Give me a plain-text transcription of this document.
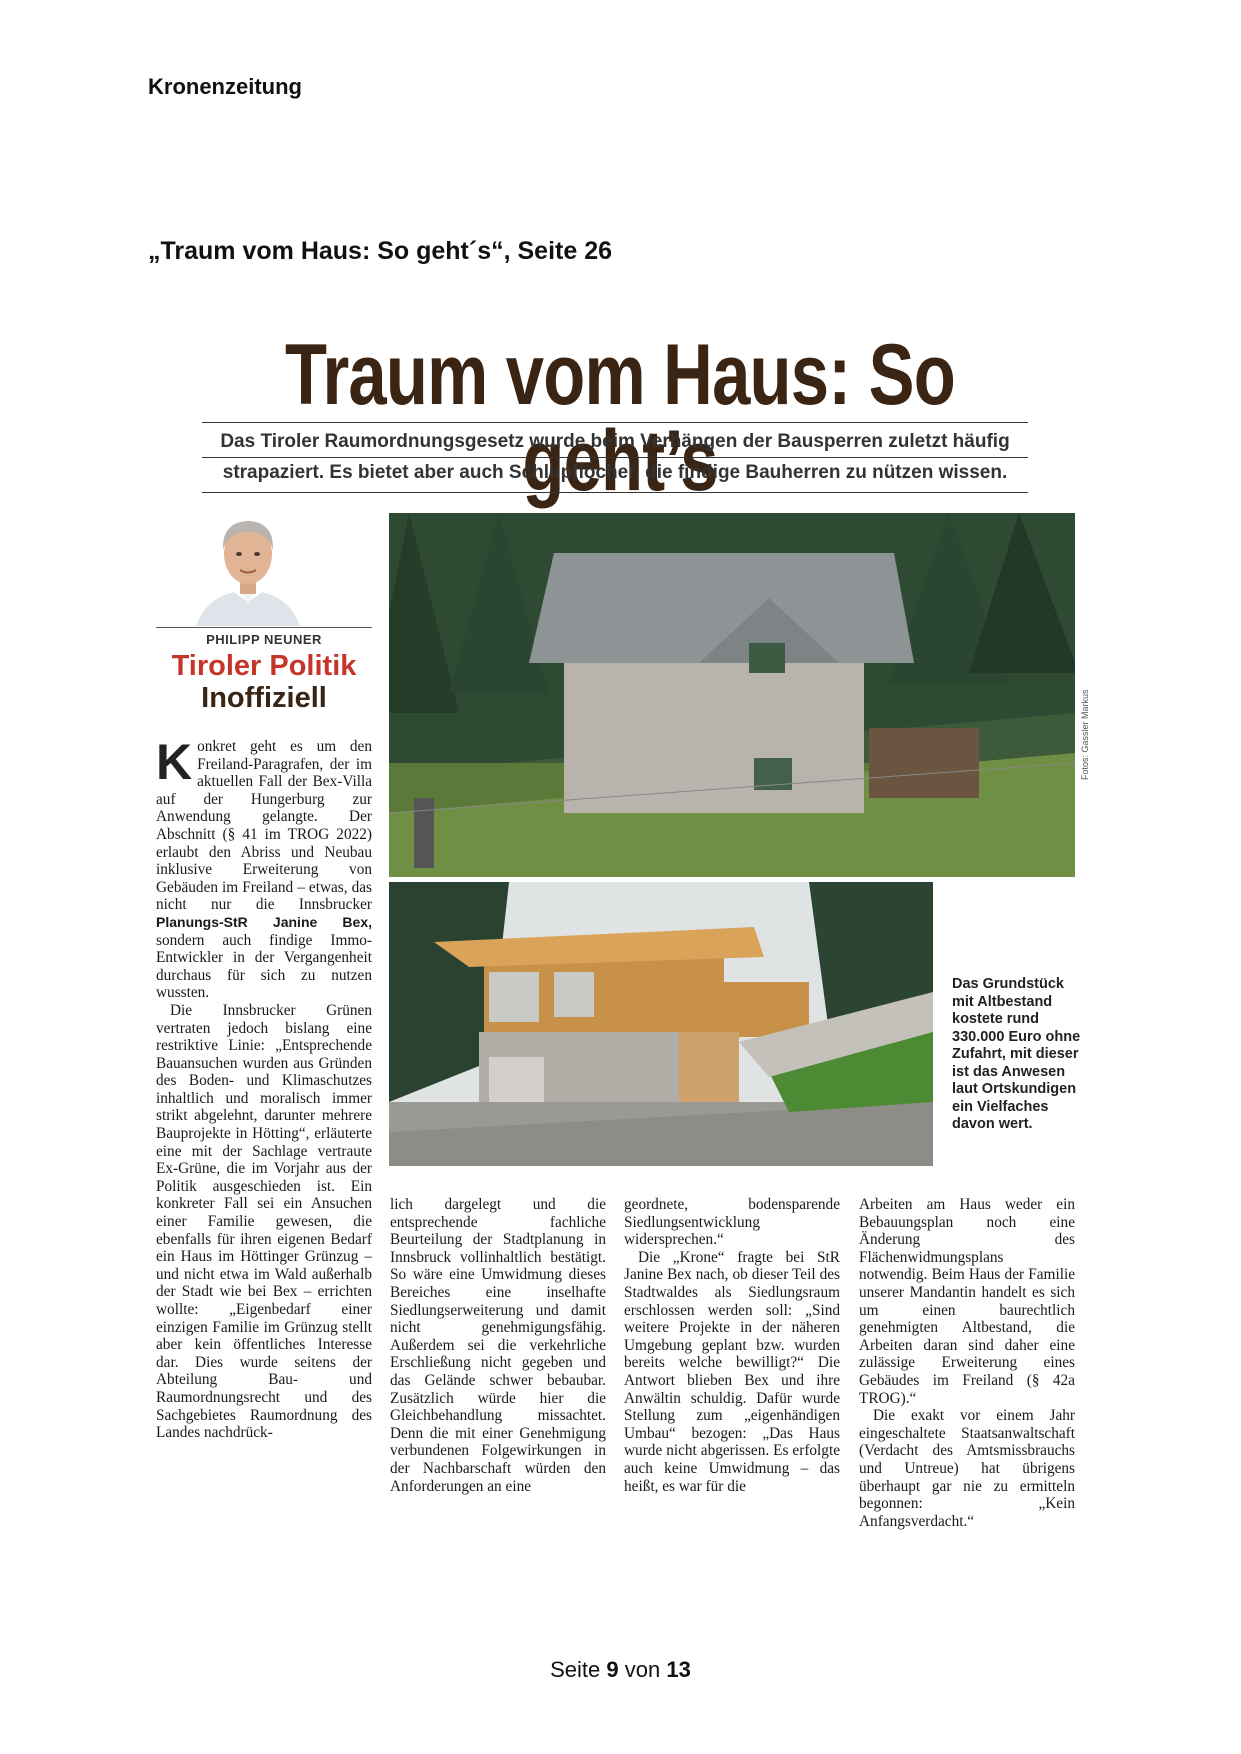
Kronenzeitung
„Traum vom Haus: So geht´s“, Seite 26
Traum vom Haus: So geht’s
Das Tiroler Raumordnungsgesetz wurde beim Verhängen der Bausperren zuletzt häufig
strapaziert. Es bietet aber auch Schlupflöcher, die findige Bauherren zu nützen wissen.
PHILIPP NEUNER
Tiroler Politik
Inoffiziell	Fotos: Gassler Markus
Das Grundstück mit Altbestand kostete rund 330.000 Euro ohne Zufahrt, mit dieser ist das Anwesen laut Ortskundigen ein Vielfaches davon wert.

K onkret geht es um den Freiland-Paragrafen, der im aktuellen Fall der Bex-Villa auf der Hungerburg zur Anwendung gelangte. Der Abschnitt (§ 41 im TROG 2022) erlaubt den Abriss und Neubau inklusive Erweiterung von Gebäuden im Freiland – etwas, das nicht nur die Innsbrucker Planungs-StR Janine Bex, sondern auch findige Immo-Entwickler in der Vergangenheit durchaus für sich zu nutzen wussten.

Die Innsbrucker Grünen vertraten jedoch bislang eine restriktive Linie: „Entsprechende Bauansuchen wurden aus Gründen des Boden- und Klimaschutzes inhaltlich und moralisch immer strikt abgelehnt, darunter mehrere Bauprojekte in Hötting“, erläuterte eine mit der Sachlage vertraute Ex-Grüne, die im Vorjahr aus der Politik ausgeschieden ist. Ein konkreter Fall sei ein Ansuchen einer Familie gewesen, die ebenfalls für ihren eigenen Bedarf ein Haus im Höttinger Grünzug – und nicht etwa im Wald außerhalb der Stadt wie bei Bex – errichten wollte: „Eigenbedarf einer einzigen Familie im Grünzug stellt aber kein öffentliches Interesse dar. Dies wurde seitens der Abteilung Bau- und Raumordnungsrecht und des Sachgebietes Raumordnung des Landes nachdrück-

lich dargelegt und die entsprechende fachliche Beurteilung der Stadtplanung in Innsbruck vollinhaltlich bestätigt. So wäre eine Umwidmung dieses Bereiches eine inselhafte Siedlungserweiterung und damit nicht genehmigungsfähig. Außerdem sei die verkehrliche Erschließung nicht gegeben und das Gelände schwer bebaubar. Zusätzlich würde hier die Gleichbehandlung missachtet. Denn die mit einer Genehmigung verbundenen Folgewirkungen in der Nachbarschaft würden den Anforderungen an eine

geordnete, bodensparende Siedlungsentwicklung widersprechen.“

Die „Krone“ fragte bei StR Janine Bex nach, ob dieser Teil des Stadtwaldes als Siedlungsraum erschlossen werden soll: „Sind weitere Projekte in der näheren Umgebung geplant bzw. wurden bereits welche bewilligt?“ Die Antwort blieben Bex und ihre Anwältin schuldig. Dafür wurde Stellung zum „eigenhändigen Umbau“ bezogen: „Das Haus wurde nicht abgerissen. Es erfolgte auch keine Umwidmung – das heißt, es war für die

Arbeiten am Haus weder ein Bebauungsplan noch eine Änderung des Flächenwidmungsplans notwendig. Beim Haus der Familie unserer Mandantin handelt es sich um einen baurechtlich genehmigten Altbestand, die Arbeiten daran sind daher eine zulässige Erweiterung eines Gebäudes im Freiland (§ 42a TROG).“

Die exakt vor einem Jahr eingeschaltete Staatsanwaltschaft (Verdacht des Amtsmissbrauchs und Untreue) hat übrigens überhaupt gar nie zu ermitteln begonnen: „Kein Anfangsverdacht.“

Seite 9 von 13
